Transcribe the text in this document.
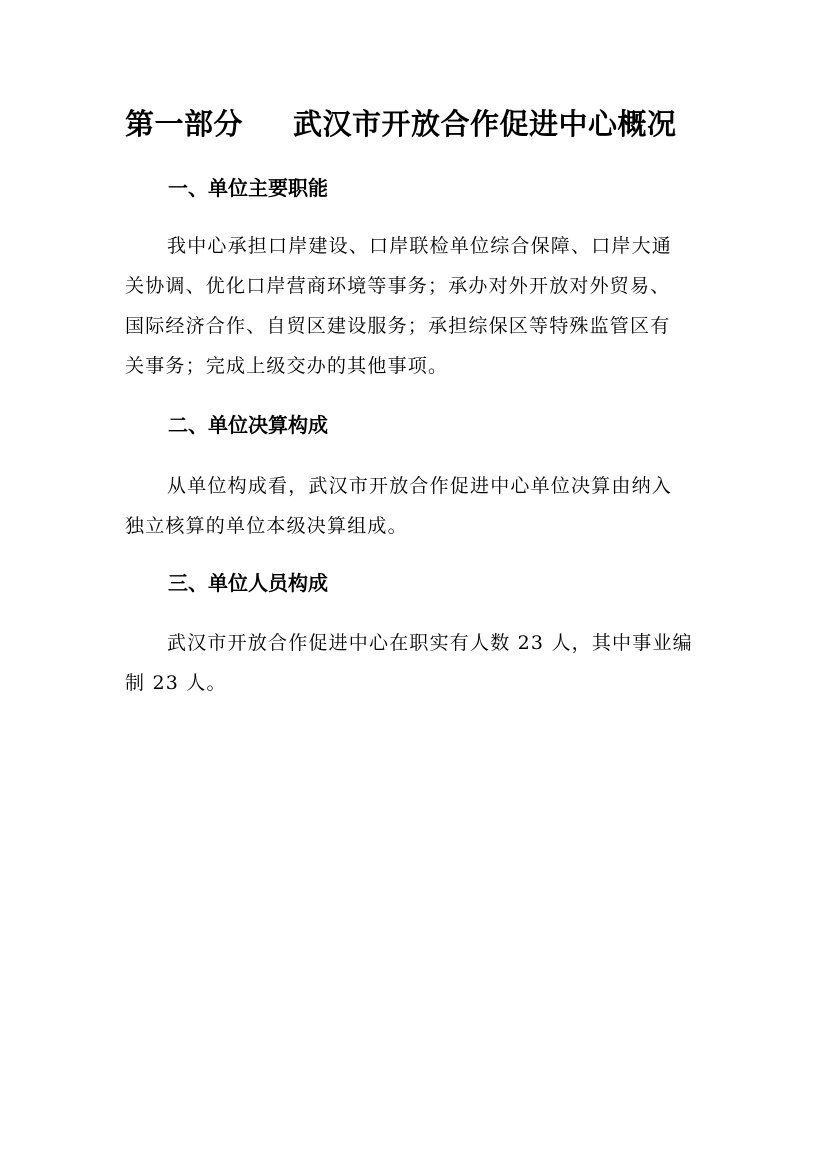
第一部分 武汉市开放合作促进中心概况
一、单位主要职能
我中心承担口岸建设、口岸联检单位综合保障、口岸大通
关协调、优化口岸营商环境等事务；承办对外开放对外贸易、
国际经济合作、自贸区建设服务；承担综保区等特殊监管区有
关事务；完成上级交办的其他事项。
二、单位决算构成
从单位构成看，武汉市开放合作促进中心单位决算由纳入
独立核算的单位本级决算组成。
三、单位人员构成
武汉市开放合作促进中心在职实有人数 23 人，其中事业编
制 23 人。
